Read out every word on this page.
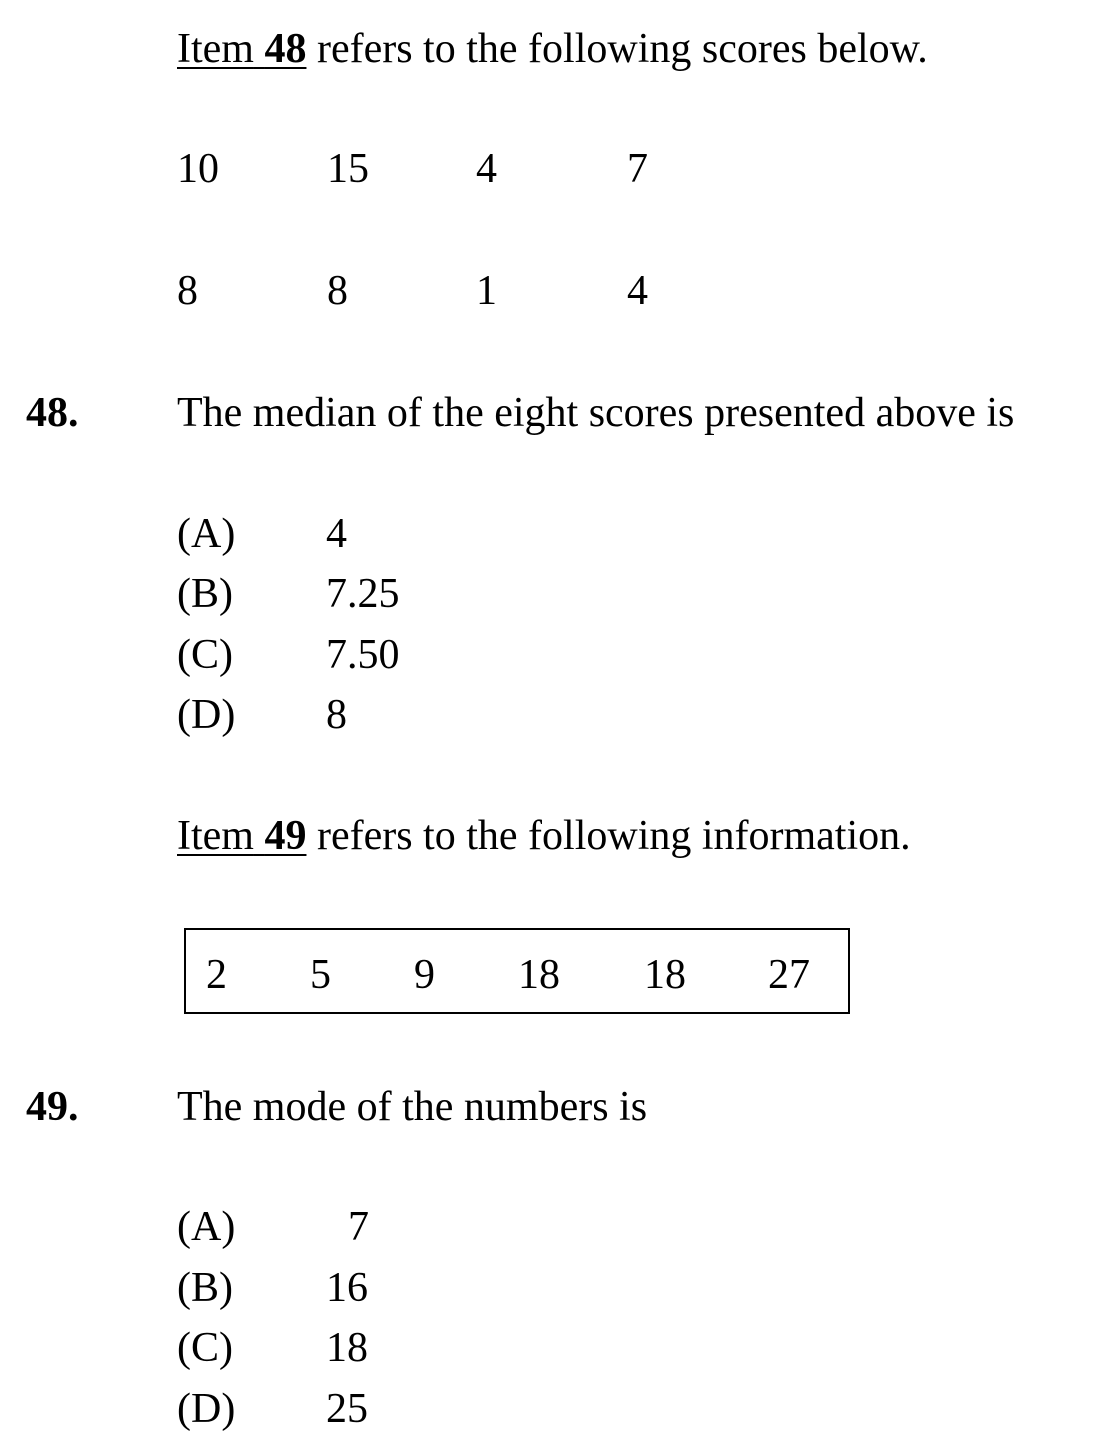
Item 48 refers to the following scores below.
10	15	4	7
8	8	1	4
48. The median of the eight scores presented above is
(A) 4
(B) 7.25
(C) 7.50
(D) 8
Item 49 refers to the following information.
2 5 9 18 18 27
49. The mode of the numbers is
(A)	7
(B) 16
(C) 18
(D) 25
